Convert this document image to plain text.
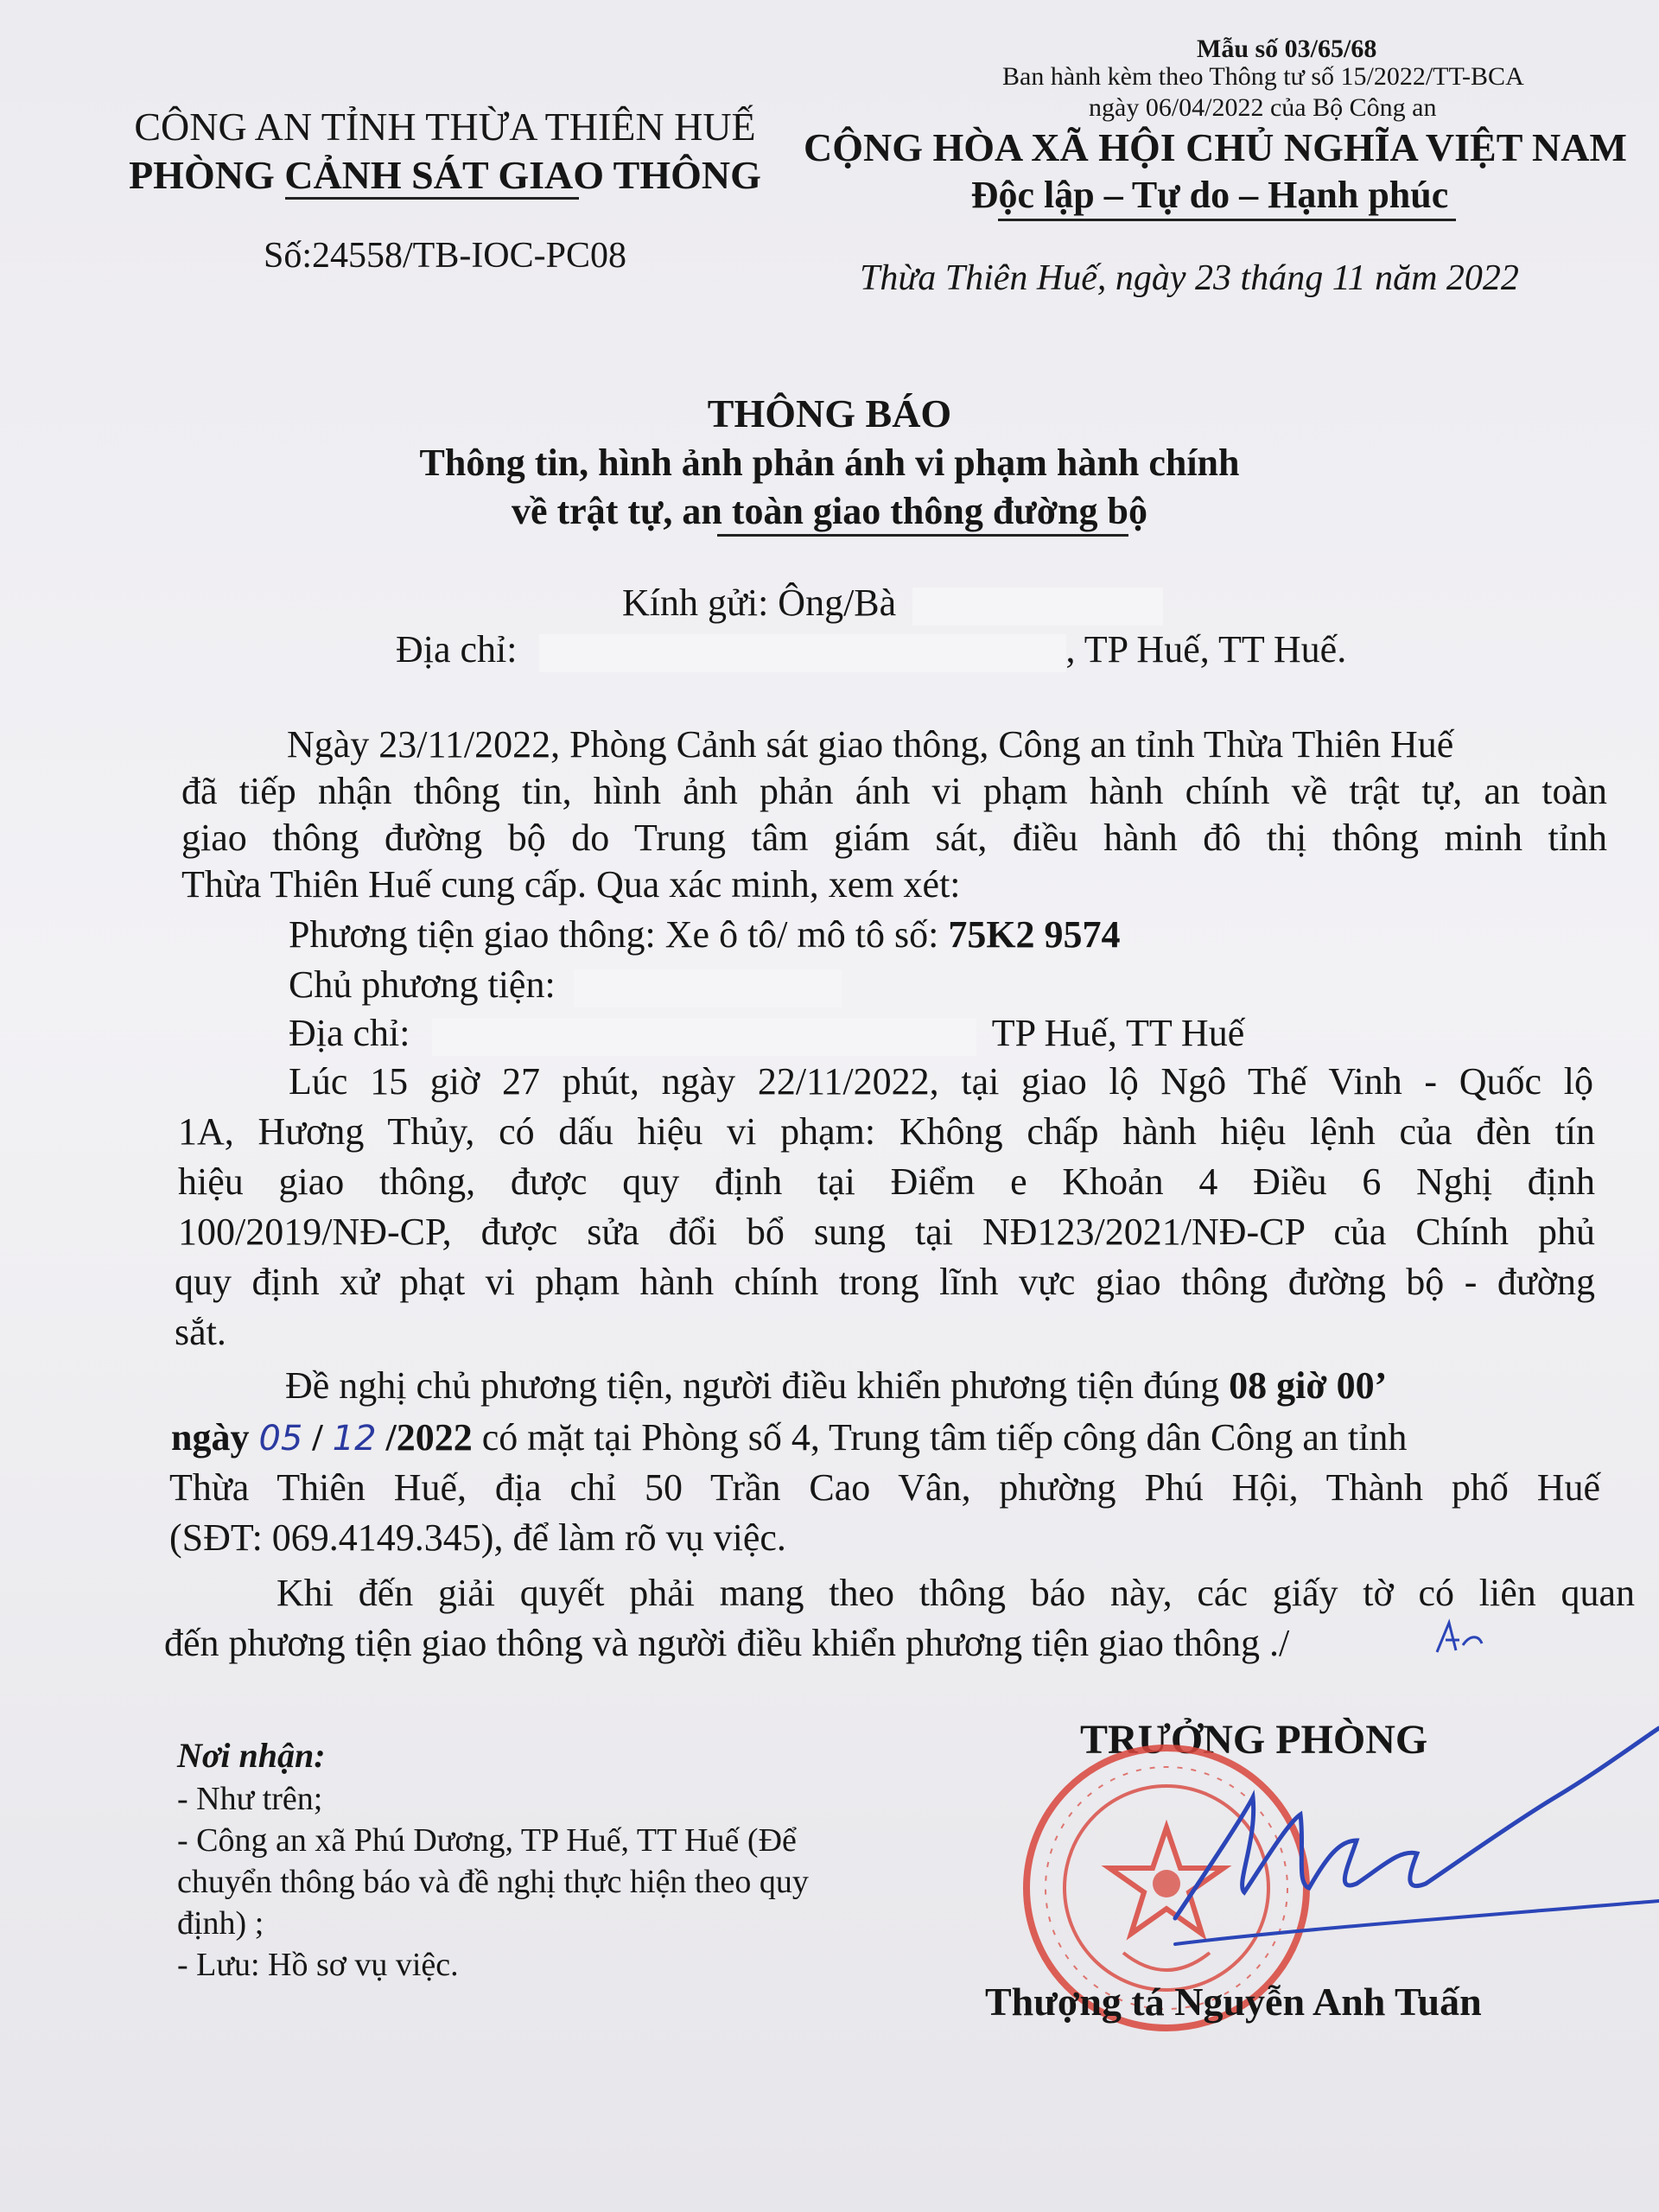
CÔNG AN TỈNH THỪA THIÊN HUẾ
PHÒNG CẢNH SÁT GIAO THÔNG
Số:24558/TB-IOC-PC08
Mẫu số 03/65/68
Ban hành kèm theo Thông tư số 15/2022/TT-BCA
ngày 06/04/2022 của Bộ Công an
CỘNG HÒA XÃ HỘI CHỦ NGHĨA VIỆT NAM
Độc lập – Tự do – Hạnh phúc
Thừa Thiên Huế, ngày 23 tháng 11 năm 2022
THÔNG BÁO
Thông tin, hình ảnh phản ánh vi phạm hành chính
về trật tự, an toàn giao thông đường bộ
Kính gửi: Ông/Bà
Địa chỉ:	, TP Huế, TT Huế.
Ngày 23/11/2022, Phòng Cảnh sát giao thông, Công an tỉnh Thừa Thiên Huế
đã tiếp nhận thông tin, hình ảnh phản ánh vi phạm hành chính về trật tự, an toàn
giao thông đường bộ do Trung tâm giám sát, điều hành đô thị thông minh tỉnh
Thừa Thiên Huế cung cấp. Qua xác minh, xem xét:
Phương tiện giao thông: Xe ô tô/ mô tô số: 75K2 9574
Chủ phương tiện:
Địa chỉ:	TP Huế, TT Huế
Lúc 15 giờ 27 phút, ngày 22/11/2022, tại giao lộ Ngô Thế Vinh - Quốc lộ
1A, Hương Thủy, có dấu hiệu vi phạm: Không chấp hành hiệu lệnh của đèn tín
hiệu giao thông, được quy định tại Điểm e Khoản 4 Điều 6 Nghị định
100/2019/NĐ-CP, được sửa đổi bổ sung tại NĐ123/2021/NĐ-CP của Chính phủ
quy định xử phạt vi phạm hành chính trong lĩnh vực giao thông đường bộ - đường
sắt.
Đề nghị chủ phương tiện, người điều khiển phương tiện đúng 08 giờ 00’
ngày 05 / 12 /2022 có mặt tại Phòng số 4, Trung tâm tiếp công dân Công an tỉnh
Thừa Thiên Huế, địa chỉ 50 Trần Cao Vân, phường Phú Hội, Thành phố Huế
(SĐT: 069.4149.345), để làm rõ vụ việc.
Khi đến giải quyết phải mang theo thông báo này, các giấy tờ có liên quan
đến phương tiện giao thông và người điều khiển phương tiện giao thông ./
Nơi nhận:
- Như trên;
- Công an xã Phú Dương, TP Huế, TT Huế (Để
chuyển thông báo và đề nghị thực hiện theo quy
định) ;
- Lưu: Hồ sơ vụ việc.
TRƯỞNG PHÒNG
Thượng tá Nguyễn Anh Tuấn
